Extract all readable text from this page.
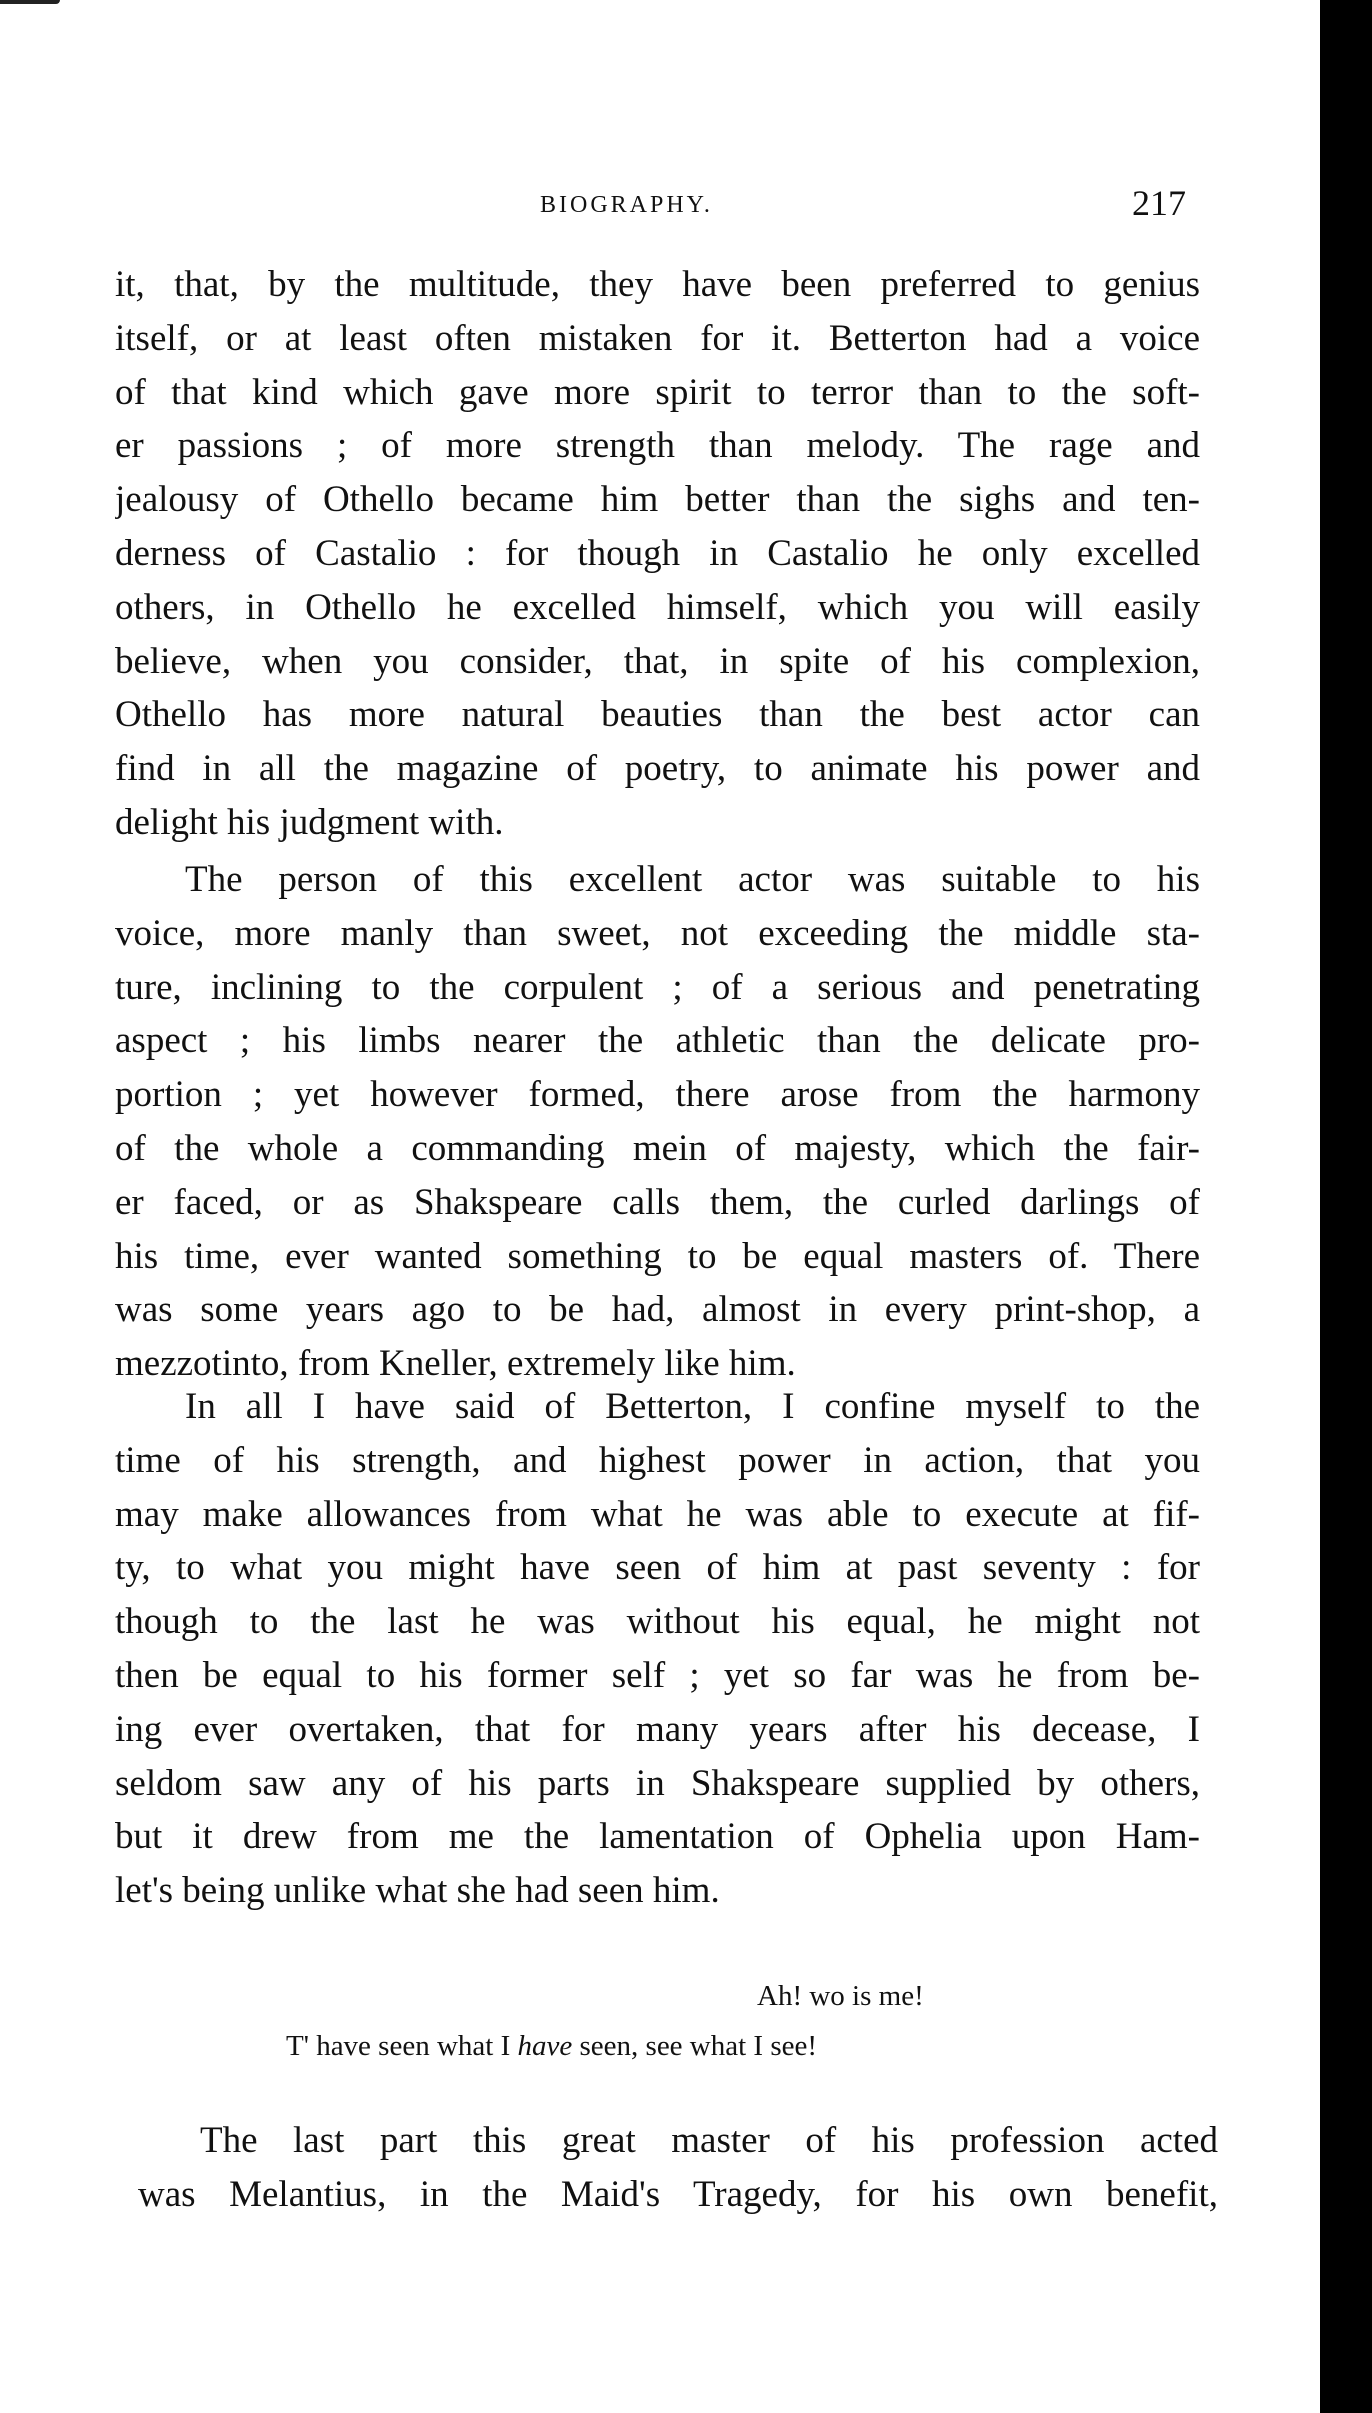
BIOGRAPHY.	217
it, that, by the multitude, they have been preferred to genius
itself, or at least often mistaken for it. Betterton had a voice
of that kind which gave more spirit to terror than to the soft-
er passions ; of more strength than melody. The rage and
jealousy of Othello became him better than the sighs and ten-
derness of Castalio : for though in Castalio he only excelled
others, in Othello he excelled himself, which you will easily
believe, when you consider, that, in spite of his complexion,
Othello has more natural beauties than the best actor can
find in all the magazine of poetry, to animate his power and
delight his judgment with.
The person of this excellent actor was suitable to his
voice, more manly than sweet, not exceeding the middle sta-
ture, inclining to the corpulent ; of a serious and penetrating
aspect ; his limbs nearer the athletic than the delicate pro-
portion ; yet however formed, there arose from the harmony
of the whole a commanding mein of majesty, which the fair-
er faced, or as Shakspeare calls them, the curled darlings of
his time, ever wanted something to be equal masters of. There
was some years ago to be had, almost in every print-shop, a
mezzotinto, from Kneller, extremely like him.
In all I have said of Betterton, I confine myself to the
time of his strength, and highest power in action, that you
may make allowances from what he was able to execute at fif-
ty, to what you might have seen of him at past seventy : for
though to the last he was without his equal, he might not
then be equal to his former self ; yet so far was he from be-
ing ever overtaken, that for many years after his decease, I
seldom saw any of his parts in Shakspeare supplied by others,
but it drew from me the lamentation of Ophelia upon Ham-
let's being unlike what she had seen him.
Ah! wo is me!
T' have seen what I have seen, see what I see!
The last part this great master of his profession acted
was Melantius, in the Maid's Tragedy, for his own benefit,
